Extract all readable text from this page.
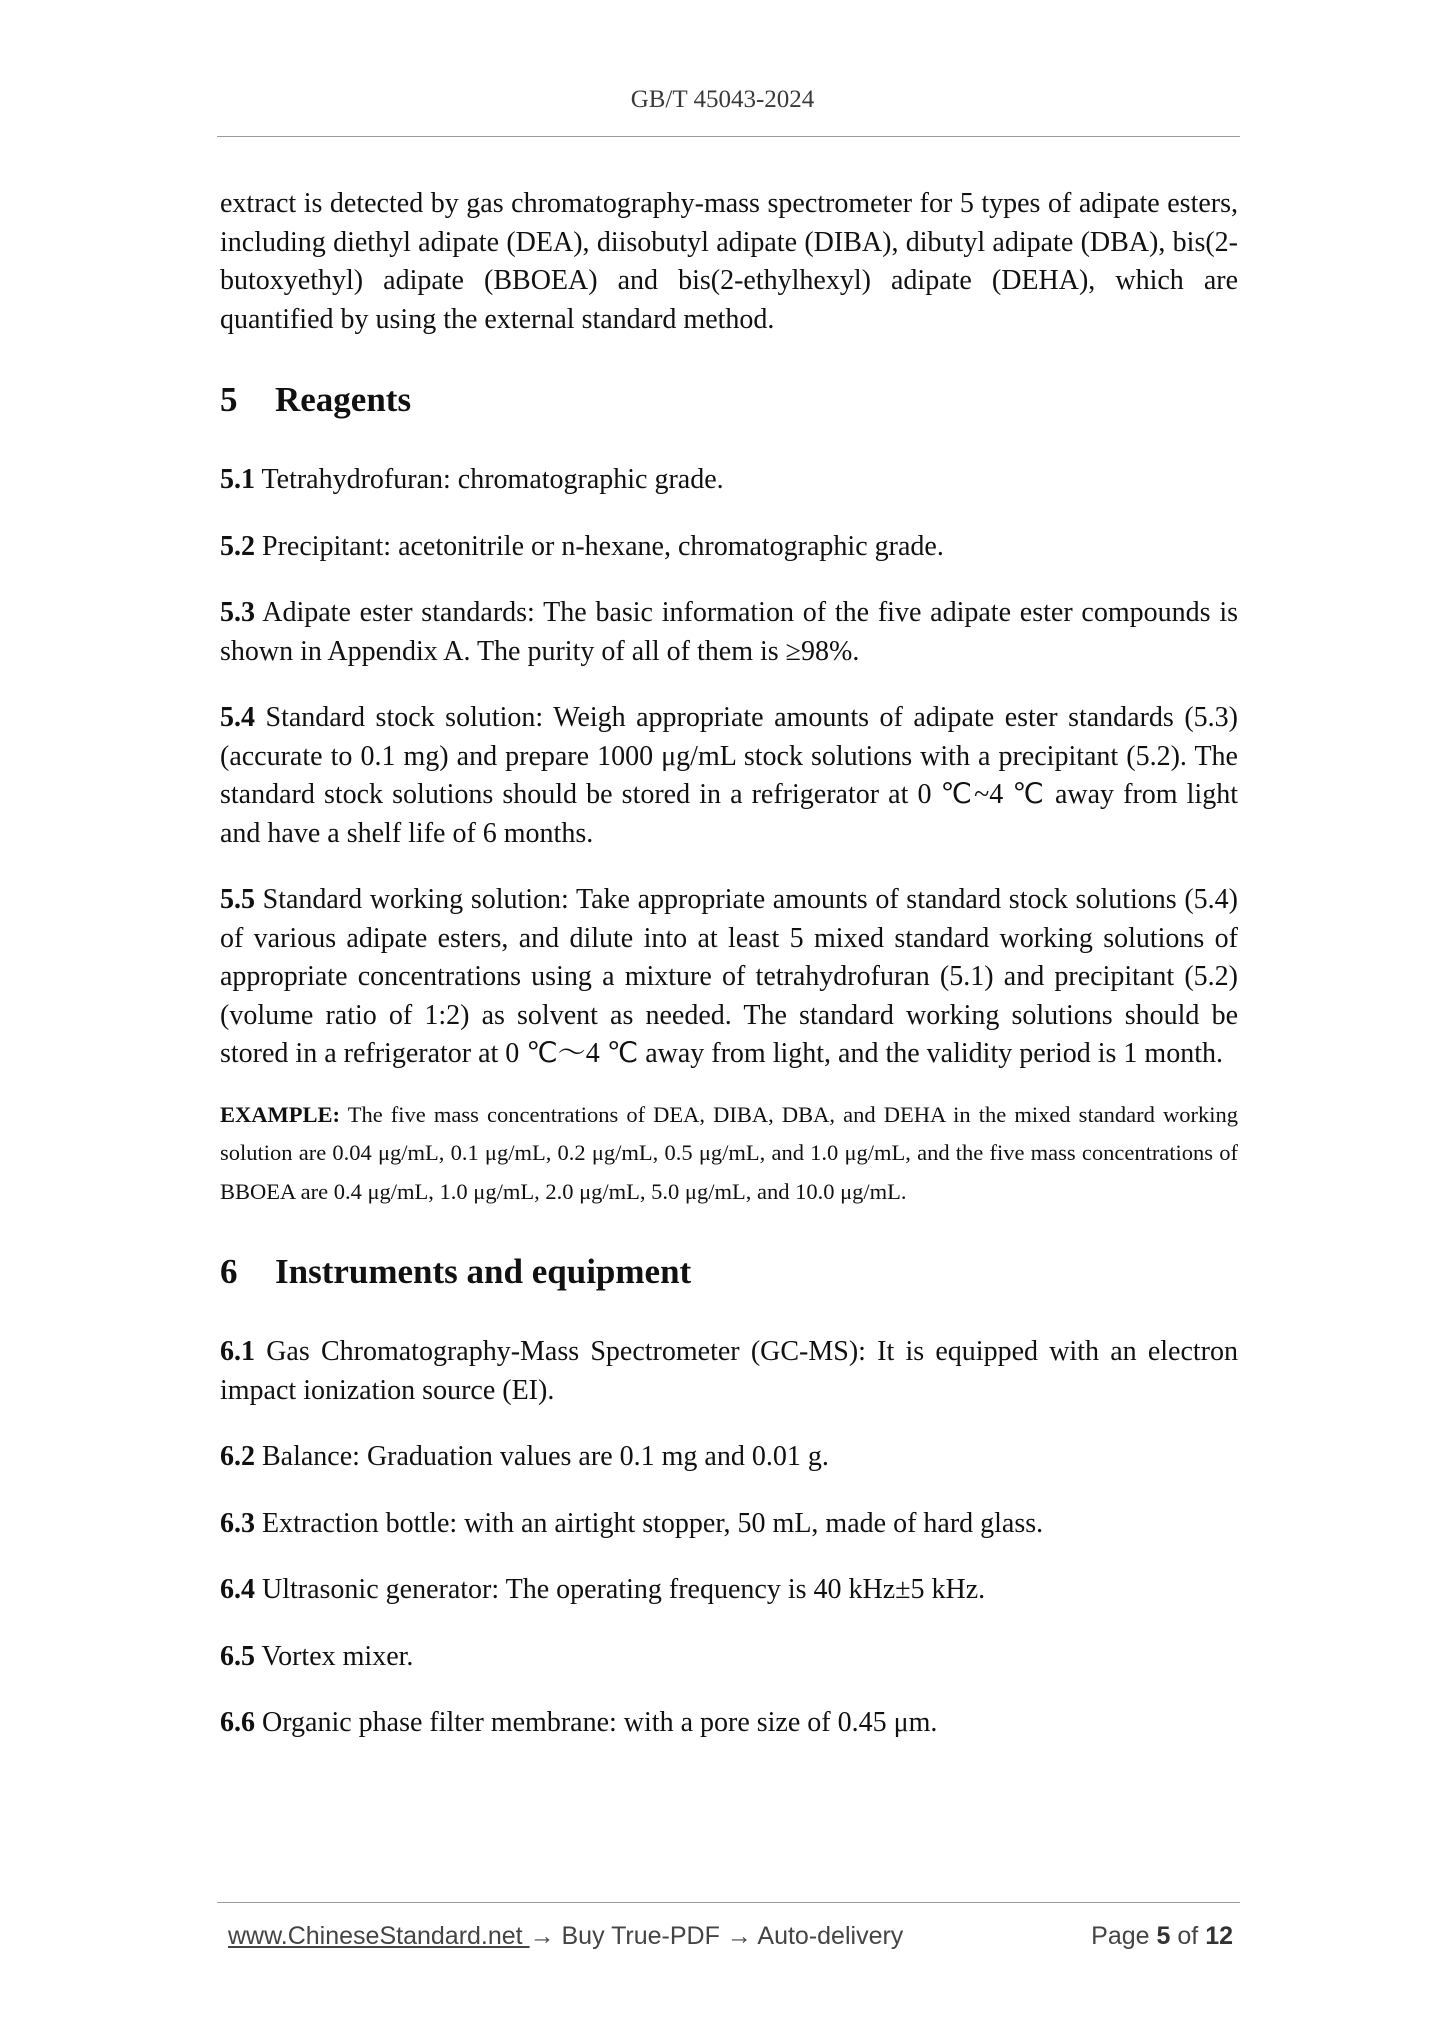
GB/T 45043-2024

extract is detected by gas chromatography-mass spectrometer for 5 types of adipate esters, including diethyl adipate (DEA), diisobutyl adipate (DIBA), dibutyl adipate (DBA), bis(2-butoxyethyl) adipate (BBOEA) and bis(2-ethylhexyl) adipate (DEHA), which are quantified by using the external standard method.

5 Reagents

5.1 Tetrahydrofuran: chromatographic grade.

5.2 Precipitant: acetonitrile or n-hexane, chromatographic grade.

5.3 Adipate ester standards: The basic information of the five adipate ester compounds is shown in Appendix A. The purity of all of them is ≥98%.

5.4 Standard stock solution: Weigh appropriate amounts of adipate ester standards (5.3) (accurate to 0.1 mg) and prepare 1000 μg/mL stock solutions with a precipitant (5.2). The standard stock solutions should be stored in a refrigerator at 0 ℃~4 ℃ away from light and have a shelf life of 6 months.

5.5 Standard working solution: Take appropriate amounts of standard stock solutions (5.4) of various adipate esters, and dilute into at least 5 mixed standard working solutions of appropriate concentrations using a mixture of tetrahydrofuran (5.1) and precipitant (5.2) (volume ratio of 1:2) as solvent as needed. The standard working solutions should be stored in a refrigerator at 0 ℃～4 ℃ away from light, and the validity period is 1 month.

EXAMPLE: The five mass concentrations of DEA, DIBA, DBA, and DEHA in the mixed standard working solution are 0.04 μg/mL, 0.1 μg/mL, 0.2 μg/mL, 0.5 μg/mL, and 1.0 μg/mL, and the five mass concentrations of BBOEA are 0.4 μg/mL, 1.0 μg/mL, 2.0 μg/mL, 5.0 μg/mL, and 10.0 μg/mL.

6 Instruments and equipment

6.1 Gas Chromatography-Mass Spectrometer (GC-MS): It is equipped with an electron impact ionization source (EI).

6.2 Balance: Graduation values are 0.1 mg and 0.01 g.

6.3 Extraction bottle: with an airtight stopper, 50 mL, made of hard glass.

6.4 Ultrasonic generator: The operating frequency is 40 kHz±5 kHz.

6.5 Vortex mixer.

6.6 Organic phase filter membrane: with a pore size of 0.45 μm.

www.ChineseStandard.net → Buy True-PDF → Auto-delivery	Page 5 of 12
